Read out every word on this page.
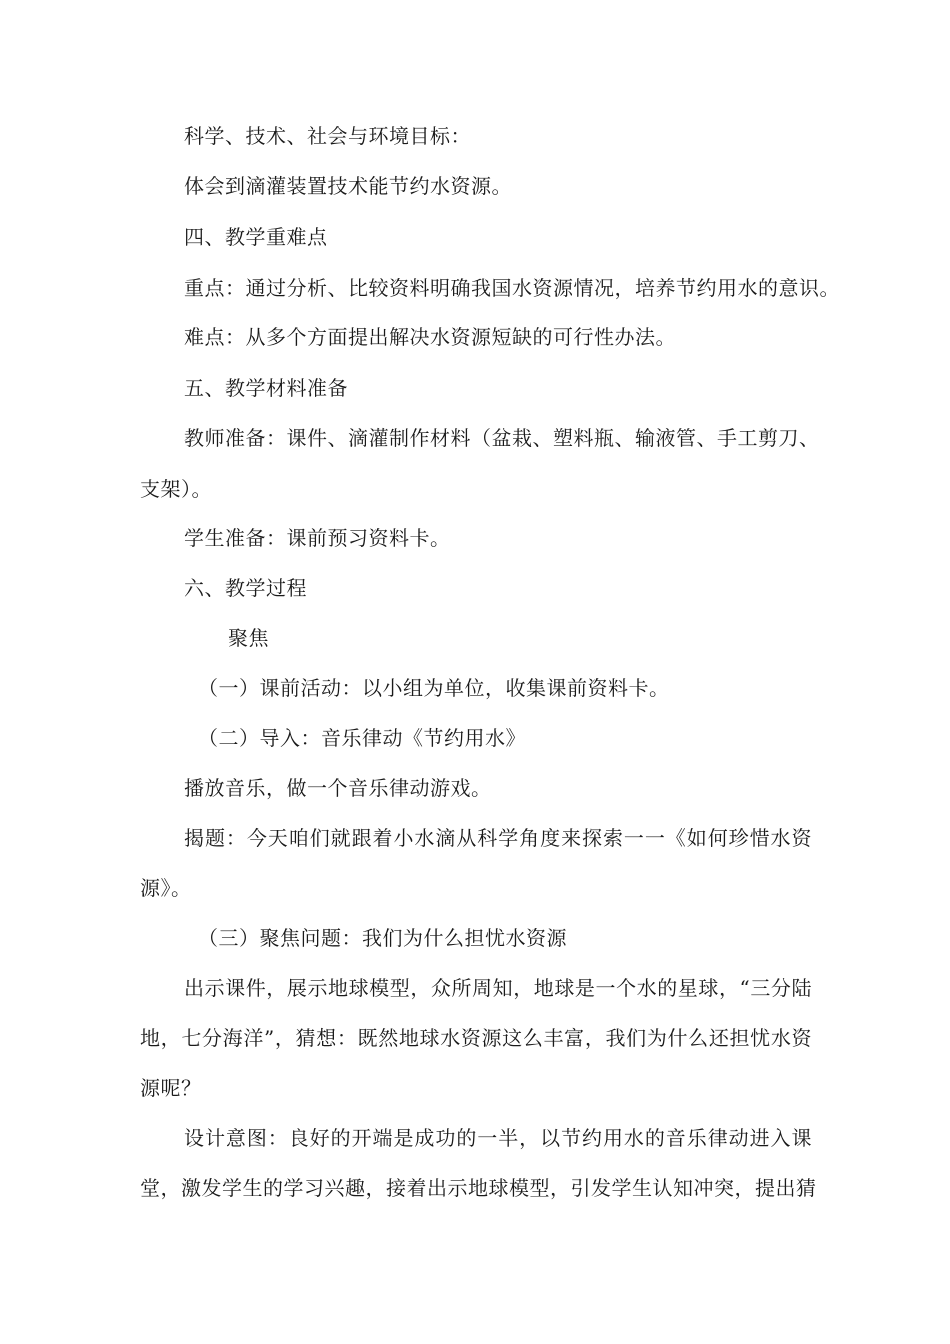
科学、技术、社会与环境目标：
体会到滴灌装置技术能节约水资源。
四、教学重难点
重点：通过分析、比较资料明确我国水资源情况，培养节约用水的意识。
难点：从多个方面提出解决水资源短缺的可行性办法。
五、教学材料准备
教师准备：课件、滴灌制作材料（盆栽、塑料瓶、输液管、手工剪刀、
支架）。
学生准备：课前预习资料卡。
六、教学过程
聚焦
（一）课前活动：以小组为单位，收集课前资料卡。
（二）导入：音乐律动《节约用水》
播放音乐，做一个音乐律动游戏。
揭题：今天咱们就跟着小水滴从科学角度来探索一一《如何珍惜水资
源》。
（三）聚焦问题：我们为什么担忧水资源
出示课件，展示地球模型，众所周知，地球是一个水的星球，“三分陆
地，七分海洋”，猜想：既然地球水资源这么丰富，我们为什么还担忧水资
源呢？
设计意图：良好的开端是成功的一半，以节约用水的音乐律动进入课
堂，激发学生的学习兴趣，接着出示地球模型，引发学生认知冲突，提出猜
